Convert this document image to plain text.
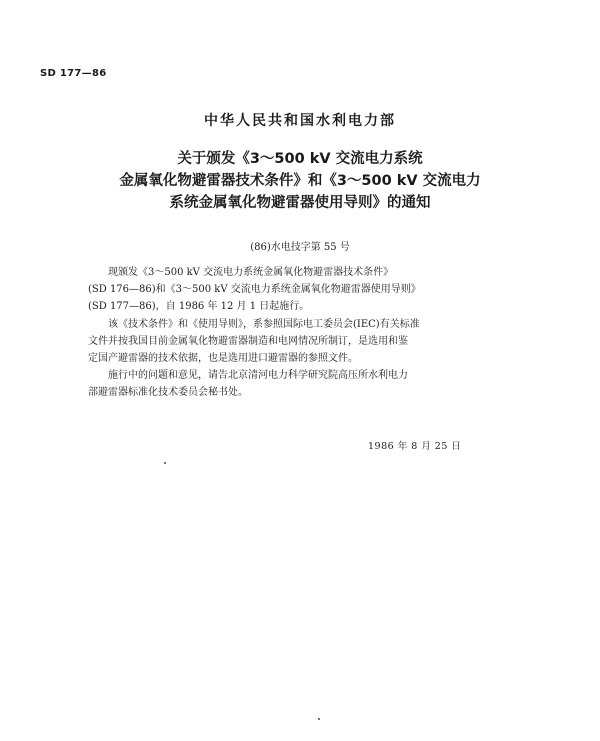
SD 177—86
中华人民共和国水利电力部
关于颁发《3～500 kV 交流电力系统
金属氧化物避雷器技术条件》和《3～500 kV 交流电力
系统金属氧化物避雷器使用导则》的通知
(86)水电技字第 55 号
现颁发《3～500 kV 交流电力系统金属氧化物避雷器技术条件》
(SD 176—86)和《3～500 kV 交流电力系统金属氧化物避雷器使用导则》
(SD 177—86)，自 1986 年 12 月 1 日起施行。
该《技术条件》和《使用导则》，系参照国际电工委员会(IEC)有关标准
文件并按我国目前金属氧化物避雷器制造和电网情况所制订，是选用和鉴
定国产避雷器的技术依据，也是选用进口避雷器的参照文件。
施行中的问题和意见，请告北京清河电力科学研究院高压所水利电力
部避雷器标准化技术委员会秘书处。
1986 年 8 月 25 日
